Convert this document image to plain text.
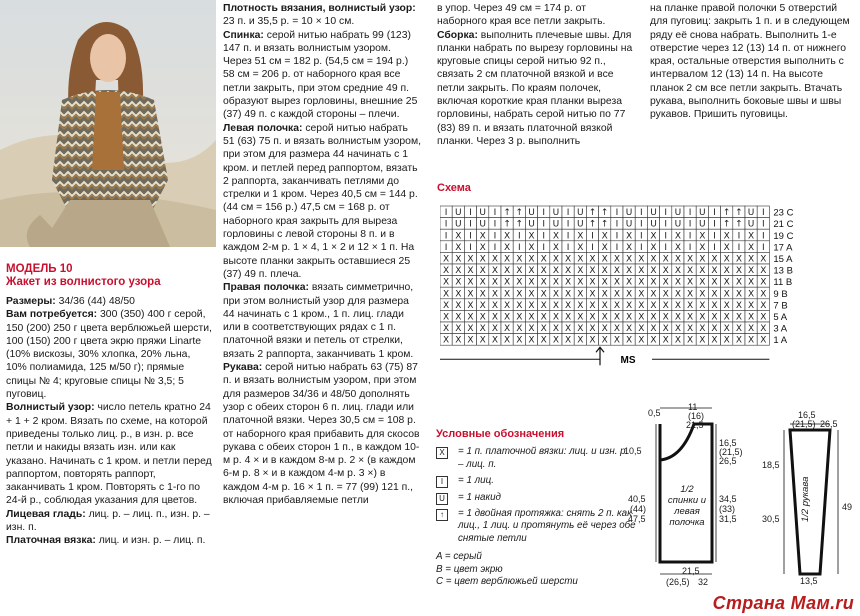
МОДЕЛЬ 10
Жакет из волнистого узора

Размеры: 34/36 (44) 48/50

Вам потребуется: 300 (350) 400 г серой, 150 (200) 250 г цвета верблюжьей шерсти, 100 (150) 200 г цвета экрю пряжи Linarte (10% вискозы, 30% хлопка, 20% льна, 10% полиамида, 125 м/50 г); прямые спицы № 4; круговые спицы № 3,5; 5 пуговиц.

Волнистый узор: число петель кратно 24 + 1 + 2 кром. Вязать по схеме, на которой приведены только лиц. р., в изн. р. все петли и накиды вязать изн. или как указано. Начинать с 1 кром. и петли перед раппортом, повторять раппорт, заканчивать 1 кром. Повторять с 1-го по 24-й р., соблюдая указания для цветов.

Лицевая гладь: лиц. р. – лиц. п., изн. р. – изн. п.

Платочная вязка: лиц. и изн. р. – лиц. п.

Плотность вязания, волнистый узор: 23 п. и 35,5 р. = 10 × 10 см.

Спинка: серой нитью набрать 99 (123) 147 п. и вязать волнистым узором. Через 51 см = 182 р. (54,5 см = 194 р.) 58 см = 206 р. от наборного края все петли закрыть, при этом средние 49 п. образуют вырез горловины, внешние 25 (37) 49 п. с каждой стороны – плечи.

Левая полочка: серой нитью набрать 51 (63) 75 п. и вязать волнистым узором, при этом для размера 44 начинать с 1 кром. и петлей перед раппортом, вязать 2 раппорта, заканчивать петлями до стрелки и 1 кром. Через 40,5 см = 144 р. (44 см = 156 р.) 47,5 см = 168 р. от наборного края закрыть для выреза горловины с левой стороны 8 п. и в каждом 2-м р. 1 × 4, 1 × 2 и 12 × 1 п. На высоте планки закрыть оставшиеся 25 (37) 49 п. плеча.

Правая полочка: вязать симметрично, при этом волнистый узор для размера 44 начинать с 1 кром., 1 п. лиц. глади или в соответствующих рядах с 1 п. платочной вязки и петель от стрелки, вязать 2 раппорта, заканчивать 1 кром.

Рукава: серой нитью набрать 63 (75) 87 п. и вязать волнистым узором, при этом для размеров 34/36 и 48/50 дополнять узор с обеих сторон 6 п. лиц. глади или платочной вязки. Через 30,5 см = 108 р. от наборного края прибавить для скосов рукава с обеих сторон 1 п., в каждом 10-м р. 4 × и в каждом 8-м р. 2 × (в каждом 6-м р. 8 × и в каждом 4-м р. 3 ×) в каждом 4-м р. 16 × 1 п. = 77 (99) 121 п., включая прибавляемые петли

в упор. Через 49 см = 174 р. от наборного края все петли закрыть.

Сборка: выполнить плечевые швы. Для планки набрать по вырезу горловины на круговые спицы серой нитью 92 п., связать 2 см платочной вязкой и все петли закрыть. По краям полочек, включая короткие края планки выреза горловины, набрать серой нитью по 77 (83) 89 п. и вязать платочной вязкой планки. Через 3 р. выполнить

на планке правой полочки 5 отверстий для пуговиц: закрыть 1 п. и в следующем ряду её снова набрать. Выполнить 1-е отверстие через 12 (13) 14 п. от нижнего края, остальные отверстия выполнить с интервалом 12 (13) 14 п. На высоте планок 2 см все петли закрыть. Втачать рукава, выполнить боковые швы и швы рукавов. Пришить пуговицы.

Схема
I U I U I ↑ ↑ U I U I U ↑ ↑ I U I U I U I U I ↑ ↑ U I 23 C
I U I U I ↑ ↑ U I U I U ↑ ↑ I U I U I U I U I ↑ ↑ U I 21 C
I X I X I X I X I X I X I X I X I X I X I X I X I X I 19 C
I X I X I X I X I X I X I X I X I X I X I X I X I X I 17 A
X X X X X X X X X X X X X X X X X X X X X X X X X X X 15 A
X X X X X X X X X X X X X X X X X X X X X X X X X X X 13 B
X X X X X X X X X X X X X X X X X X X X X X X X X X X 11 B
X X X X X X X X X X X X X X X X X X X X X X X X X X X 9 B
X X X X X X X X X X X X X X X X X X X X X X X X X X X 7 B
X X X X X X X X X X X X X X X X X X X X X X X X X X X 5 A
X X X X X X X X X X X X X X X X X X X X X X X X X X X 3 A
X X X X X X X X X X X X X X X X X X X X X X X X X X X 1 A
MS
Условные обозначения
X	= 1 п. платочной вязки: лиц. и изн. р. – лиц. п.
I	= 1 лиц.
U	= 1 накид
↑	= 1 двойная протяжка: снять 2 п. как лиц., 1 лиц. и протянуть её через обе снятые петли
A = серый
B = цвет экрю
C = цвет верблюжьей шерсти
0,5
11
(16)
21,5
16,5
(21,5)
26,5
34,5
(33)
31,5
10,5
40,5
(44)
47,5
21,5
(26,5) 32
1/2 спинки и левая полочка
16,5
(21,5) 26,5
18,5
30,5
49
13,5
1/2 рукава
Страна Мам.ru
